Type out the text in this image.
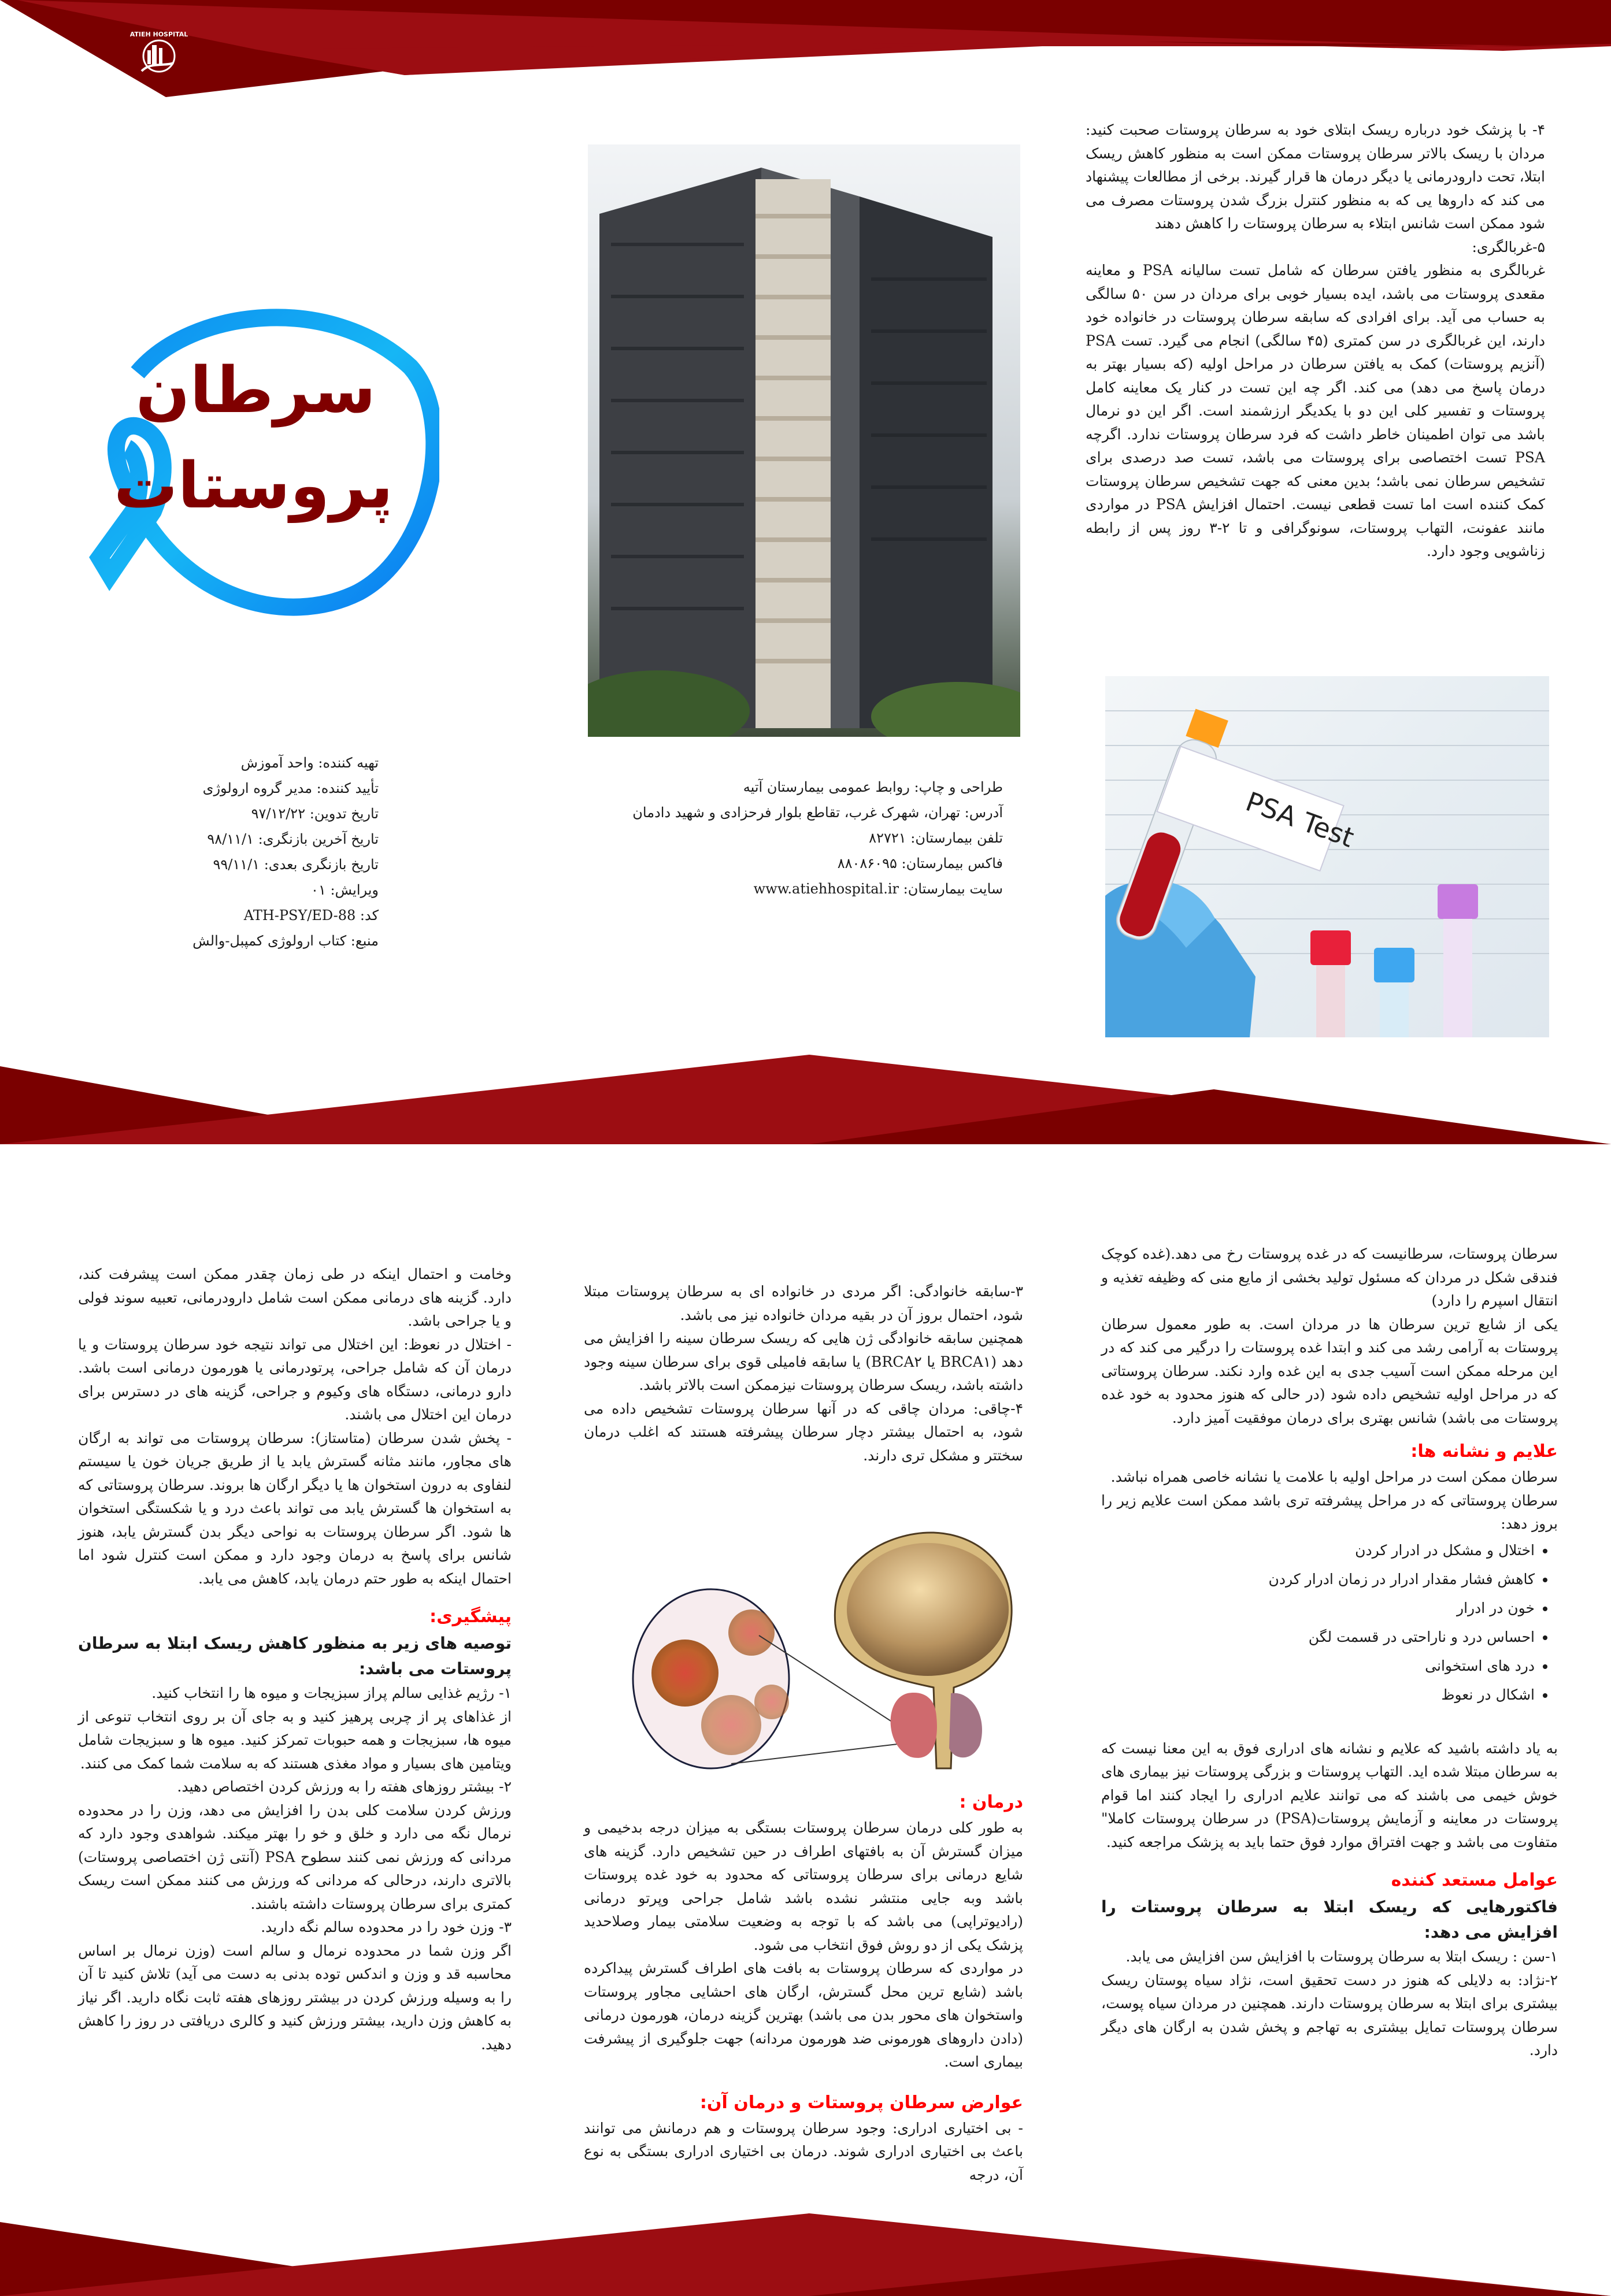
ATIEH HOSPITAL
سرطان
پروستات
تهیه کننده: واحد آموزش
تأیید کننده: مدیر گروه ارولوژی
تاریخ تدوین: ۹۷/۱۲/۲۲
تاریخ آخرین بازنگری: ۹۸/۱۱/۱
تاریخ بازنگری بعدی: ۹۹/۱۱/۱
ویرایش: ۰۱
کد: ATH-PSY/ED-88
منبع: کتاب ارولوژی کمپبل-والش
طراحی و چاپ: روابط عمومی بیمارستان آتیه
آدرس: تهران، شهرک غرب، تقاطع بلوار فرحزادی و شهید دادمان
تلفن بیمارستان: ۸۲۷۲۱
فاکس بیمارستان: ۸۸۰۸۶۰۹۵
سایت بیمارستان: www.atiehhospital.ir

۴- با پزشک خود درباره ریسک ابتلای خود به سرطان پروستات صحبت کنید: مردان با ریسک بالاتر سرطان پروستات ممکن است به منظور کاهش ریسک ابتلا، تحت دارودرمانی یا دیگر درمان ها قرار گیرند. برخی از مطالعات پیشنهاد می کند که داروها یی که به منظور کنترل بزرگ شدن پروستات مصرف می شود ممکن است شانس ابتلاء به سرطان پروستات را کاهش دهند

۵-غربالگری:

غربالگری به منظور یافتن سرطان که شامل تست سالیانه PSA و معاینه مقعدی پروستات می باشد، ایده بسیار خوبی برای مردان در سن ۵۰ سالگی به حساب می آید. برای افرادی که سابقه سرطان پروستات در خانواده خود دارند، این غربالگری در سن کمتری (۴۵ سالگی) انجام می گیرد. تست PSA (آنزیم پروستات) کمک به یافتن سرطان در مراحل اولیه (که بسیار بهتر به درمان پاسخ می دهد) می کند. اگر چه این تست در کنار یک معاینه کامل پروستات و تفسیر کلی این دو با یکدیگر ارزشمند است. اگر این دو نرمال باشد می توان اطمینان خاطر داشت که فرد سرطان پروستات ندارد. اگرچه PSA تست اختصاصی برای پروستات می باشد، تست صد درصدی برای تشخیص سرطان نمی باشد؛ بدین معنی که جهت تشخیص سرطان پروستات کمک کننده است اما تست قطعی نیست. احتمال افزایش PSA در مواردی مانند عفونت، التهاب پروستات، سونوگرافی و تا ۲-۳ روز پس از رابطه زناشویی وجود دارد.

PSA Test

سرطان پروستات، سرطانیست که در غده پروستات رخ می دهد.(غده کوچک فندقی شکل در مردان که مسئول تولید بخشی از مایع منی که وظیفه تغذیه و انتقال اسپرم را دارد)

یکی از شایع ترین سرطان ها در مردان است. به طور معمول سرطان پروستات به آرامی رشد می کند و ابتدا غده پروستات را درگیر می کند که در این مرحله ممکن است آسیب جدی به این غده وارد نکند. سرطان پروستاتی که در مراحل اولیه تشخیص داده شود (در حالی که هنوز محدود به خود غده پروستات می باشد) شانس بهتری برای درمان موفقیت آمیز دارد.

علایم و نشانه ها:

سرطان ممکن است در مراحل اولیه با علامت یا نشانه خاصی همراه نباشد.

سرطان پروستاتی که در مراحل پیشرفته تری باشد ممکن است علایم زیر را بروز دهد:

• اختلال و مشکل در ادرار کردن
• کاهش فشار مقدار ادرار در زمان ادرار کردن
• خون در ادرار
• احساس درد و ناراحتی در قسمت لگن
• درد های استخوانی
• اشکال در نعوظ

به یاد داشته باشید که علایم و نشانه های ادراری فوق به این معنا نیست که به سرطان مبتلا شده اید. التهاب پروستات و بزرگی پروستات نیز بیماری های خوش خیمی می باشند که می توانند علایم ادراری را ایجاد کنند اما قوام پروستات در معاینه و آزمایش پروستات(PSA) در سرطان پروستات کاملا" متفاوت می باشد و جهت افتراق موارد فوق حتما باید به پزشک مراجعه کنید.

عوامل مستعد کننده
فاکتورهایی که ریسک ابتلا به سرطان پروستات را افزایش می دهد:

۱-سن : ریسک ابتلا به سرطان پروستات با افزایش سن افزایش می یابد.

۲-نژاد: به دلایلی که هنوز در دست تحقیق است، نژاد سیاه پوستان ریسک بیشتری برای ابتلا به سرطان پروستات دارند. همچنین در مردان سیاه پوست، سرطان پروستات تمایل بیشتری به تهاجم و پخش شدن به ارگان های دیگر دارد.

۳-سابقه خانوادگی: اگر مردی در خانواده ای به سرطان پروستات مبتلا شود، احتمال بروز آن در بقیه مردان خانواده نیز می باشد.

همچنین سابقه خانوادگی ژن هایی که ریسک سرطان سینه را افزایش می دهد (BRCA۱ یا BRCA۲) یا سابقه فامیلی قوی برای سرطان سینه وجود داشته باشد، ریسک سرطان پروستات نیزممکن است بالاتر باشد.

۴-چاقی: مردان چاقی که در آنها سرطان پروستات تشخیص داده می شود، به احتمال بیشتر دچار سرطان پیشرفته هستند که اغلب درمان سختتر و مشکل تری دارند.

درمان :

به طور کلی درمان سرطان پروستات بستگی به میزان درجه بدخیمی و میزان گسترش آن به بافتهای اطراف در حین تشخیص دارد. گزینه های شایع درمانی برای سرطان پروستاتی که محدود به خود غده پروستات باشد وبه جایی منتشر نشده باشد شامل جراحی وپرتو درمانی (رادیوتراپی) می باشد که با توجه به وضعیت سلامتی بیمار وصلاحدید پزشک یکی از دو روش فوق انتخاب می شود.

در مواردی که سرطان پروستات به بافت های اطراف گسترش پیداکرده باشد (شایع ترین محل گسترش، ارگان های احشایی مجاور پروستات واستخوان های محور بدن می باشد) بهترین گزینه درمان، هورمون درمانی (دادن داروهای هورمونی ضد هورمون مردانه) جهت جلوگیری از پیشرفت بیماری است.

عوارض سرطان پروستات و درمان آن:

- بی اختیاری ادراری: وجود سرطان پروستات و هم درمانش می توانند باعث بی اختیاری ادراری شوند. درمان بی اختیاری ادراری بستگی به نوع آن، درجه

وخامت و احتمال اینکه در طی زمان چقدر ممکن است پیشرفت کند، دارد. گزینه های درمانی ممکن است شامل دارودرمانی، تعبیه سوند فولی و یا جراحی باشد.

- اختلال در نعوظ: این اختلال می تواند نتیجه خود سرطان پروستات و یا درمان آن که شامل جراحی، پرتودرمانی یا هورمون درمانی است باشد. دارو درمانی، دستگاه های وکیوم و جراحی، گزینه های در دسترس برای درمان این اختلال می باشند.

- پخش شدن سرطان (متاستاز): سرطان پروستات می تواند به ارگان های مجاور، مانند مثانه گسترش یابد یا از طریق جریان خون یا سیستم لنفاوی به درون استخوان ها یا دیگر ارگان ها بروند. سرطان پروستاتی که به استخوان ها گسترش یابد می تواند باعث درد و یا شکستگی استخوان ها شود. اگر سرطان پروستات به نواحی دیگر بدن گسترش یابد، هنوز شانس برای پاسخ به درمان وجود دارد و ممکن است کنترل شود اما احتمال اینکه به طور حتم درمان یابد، کاهش می یابد.

پیشگیری:
توصیه های زیر به منظور کاهش ریسک ابتلا به سرطان پروستات می باشد:

۱- رژیم غذایی سالم پراز سبزیجات و میوه ها را انتخاب کنید.

از غذاهای پر از چربی پرهیز کنید و به جای آن بر روی انتخاب تنوعی از میوه ها، سبزیجات و همه حبوبات تمرکز کنید. میوه ها و سبزیجات شامل ویتامین های بسیار و مواد مغذی هستند که به سلامت شما کمک می کنند.

۲- بیشتر روزهای هفته را به ورزش کردن اختصاص دهید.

ورزش کردن سلامت کلی بدن را افزایش می دهد، وزن را در محدوده نرمال نگه می دارد و خلق و خو را بهتر میکند. شواهدی وجود دارد که مردانی که ورزش نمی کنند سطوح PSA (آنتی ژن اختصاصی پروستات) بالاتری دارند، درحالی که مردانی که ورزش می کنند ممکن است ریسک کمتری برای سرطان پروستات داشته باشند.

۳- وزن خود را در محدوده سالم نگه دارید.

اگر وزن شما در محدوده نرمال و سالم است (وزن نرمال بر اساس محاسبه قد و وزن و اندکس توده بدنی به دست می آید) تلاش کنید تا آن را به وسیله ورزش کردن در بیشتر روزهای هفته ثابت نگاه دارید. اگر نیاز به کاهش وزن دارید، بیشتر ورزش کنید و کالری دریافتی در روز را کاهش دهید.
